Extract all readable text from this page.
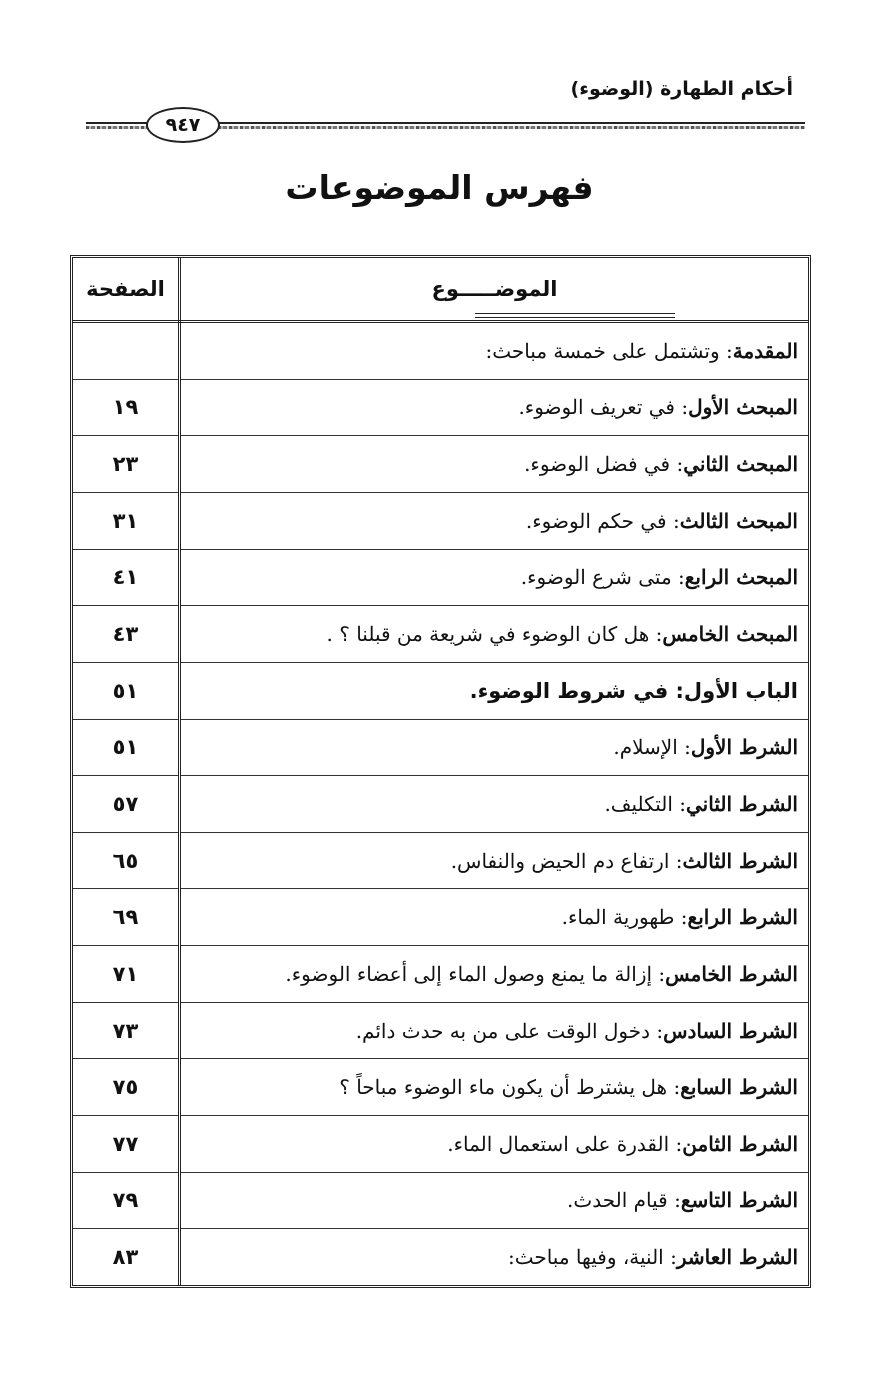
أحكام الطهارة (الوضوء)
٩٤٧
فهرس الموضوعات
الموضـــــوع	الصفحة
المقدمة: وتشتمل على خمسة مباحث:	
المبحث الأول: في تعريف الوضوء.	١٩
المبحث الثاني: في فضل الوضوء.	٢٣
المبحث الثالث: في حكم الوضوء.	٣١
المبحث الرابع: متى شرع الوضوء.	٤١
المبحث الخامس: هل كان الوضوء في شريعة من قبلنا ؟ .	٤٣
الباب الأول: في شروط الوضوء.	٥١
الشرط الأول: الإسلام.	٥١
الشرط الثاني: التكليف.	٥٧
الشرط الثالث: ارتفاع دم الحيض والنفاس.	٦٥
الشرط الرابع: طهورية الماء.	٦٩
الشرط الخامس: إزالة ما يمنع وصول الماء إلى أعضاء الوضوء.	٧١
الشرط السادس: دخول الوقت على من به حدث دائم.	٧٣
الشرط السابع: هل يشترط أن يكون ماء الوضوء مباحاً ؟	٧٥
الشرط الثامن: القدرة على استعمال الماء.	٧٧
الشرط التاسع: قيام الحدث.	٧٩
الشرط العاشر: النية، وفيها مباحث:	٨٣
